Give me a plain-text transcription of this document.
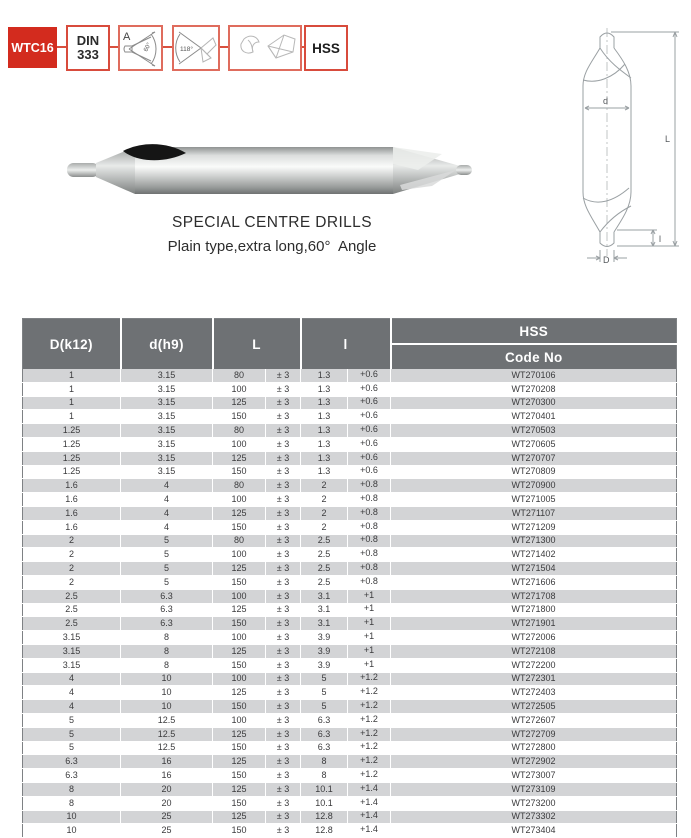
WTC16 DIN
333
A
60°	118°	HSS
d
L
l
D
SPECIAL CENTRE DRILLS
Plain type,extra long,60°  Angle
D(k12)	d(h9)	L		l		HSS
						Code No
1	3.15	80	± 3	1.3	+0.6	WT270106
1	3.15	100	± 3	1.3	+0.6	WT270208
1	3.15	125	± 3	1.3	+0.6	WT270300
1	3.15	150	± 3	1.3	+0.6	WT270401
1.25	3.15	80	± 3	1.3	+0.6	WT270503
1.25	3.15	100	± 3	1.3	+0.6	WT270605
1.25	3.15	125	± 3	1.3	+0.6	WT270707
1.25	3.15	150	± 3	1.3	+0.6	WT270809
1.6	4	80	± 3	2	+0.8	WT270900
1.6	4	100	± 3	2	+0.8	WT271005
1.6	4	125	± 3	2	+0.8	WT271107
1.6	4	150	± 3	2	+0.8	WT271209
2	5	80	± 3	2.5	+0.8	WT271300
2	5	100	± 3	2.5	+0.8	WT271402
2	5	125	± 3	2.5	+0.8	WT271504
2	5	150	± 3	2.5	+0.8	WT271606
2.5	6.3	100	± 3	3.1	+1	WT271708
2.5	6.3	125	± 3	3.1	+1	WT271800
2.5	6.3	150	± 3	3.1	+1	WT271901
3.15	8	100	± 3	3.9	+1	WT272006
3.15	8	125	± 3	3.9	+1	WT272108
3.15	8	150	± 3	3.9	+1	WT272200
4	10	100	± 3	5	+1.2	WT272301
4	10	125	± 3	5	+1.2	WT272403
4	10	150	± 3	5	+1.2	WT272505
5	12.5	100	± 3	6.3	+1.2	WT272607
5	12.5	125	± 3	6.3	+1.2	WT272709
5	12.5	150	± 3	6.3	+1.2	WT272800
6.3	16	125	± 3	8	+1.2	WT272902
6.3	16	150	± 3	8	+1.2	WT273007
8	20	125	± 3	10.1	+1.4	WT273109
8	20	150	± 3	10.1	+1.4	WT273200
10	25	125	± 3	12.8	+1.4	WT273302
10	25	150	± 3	12.8	+1.4	WT273404
